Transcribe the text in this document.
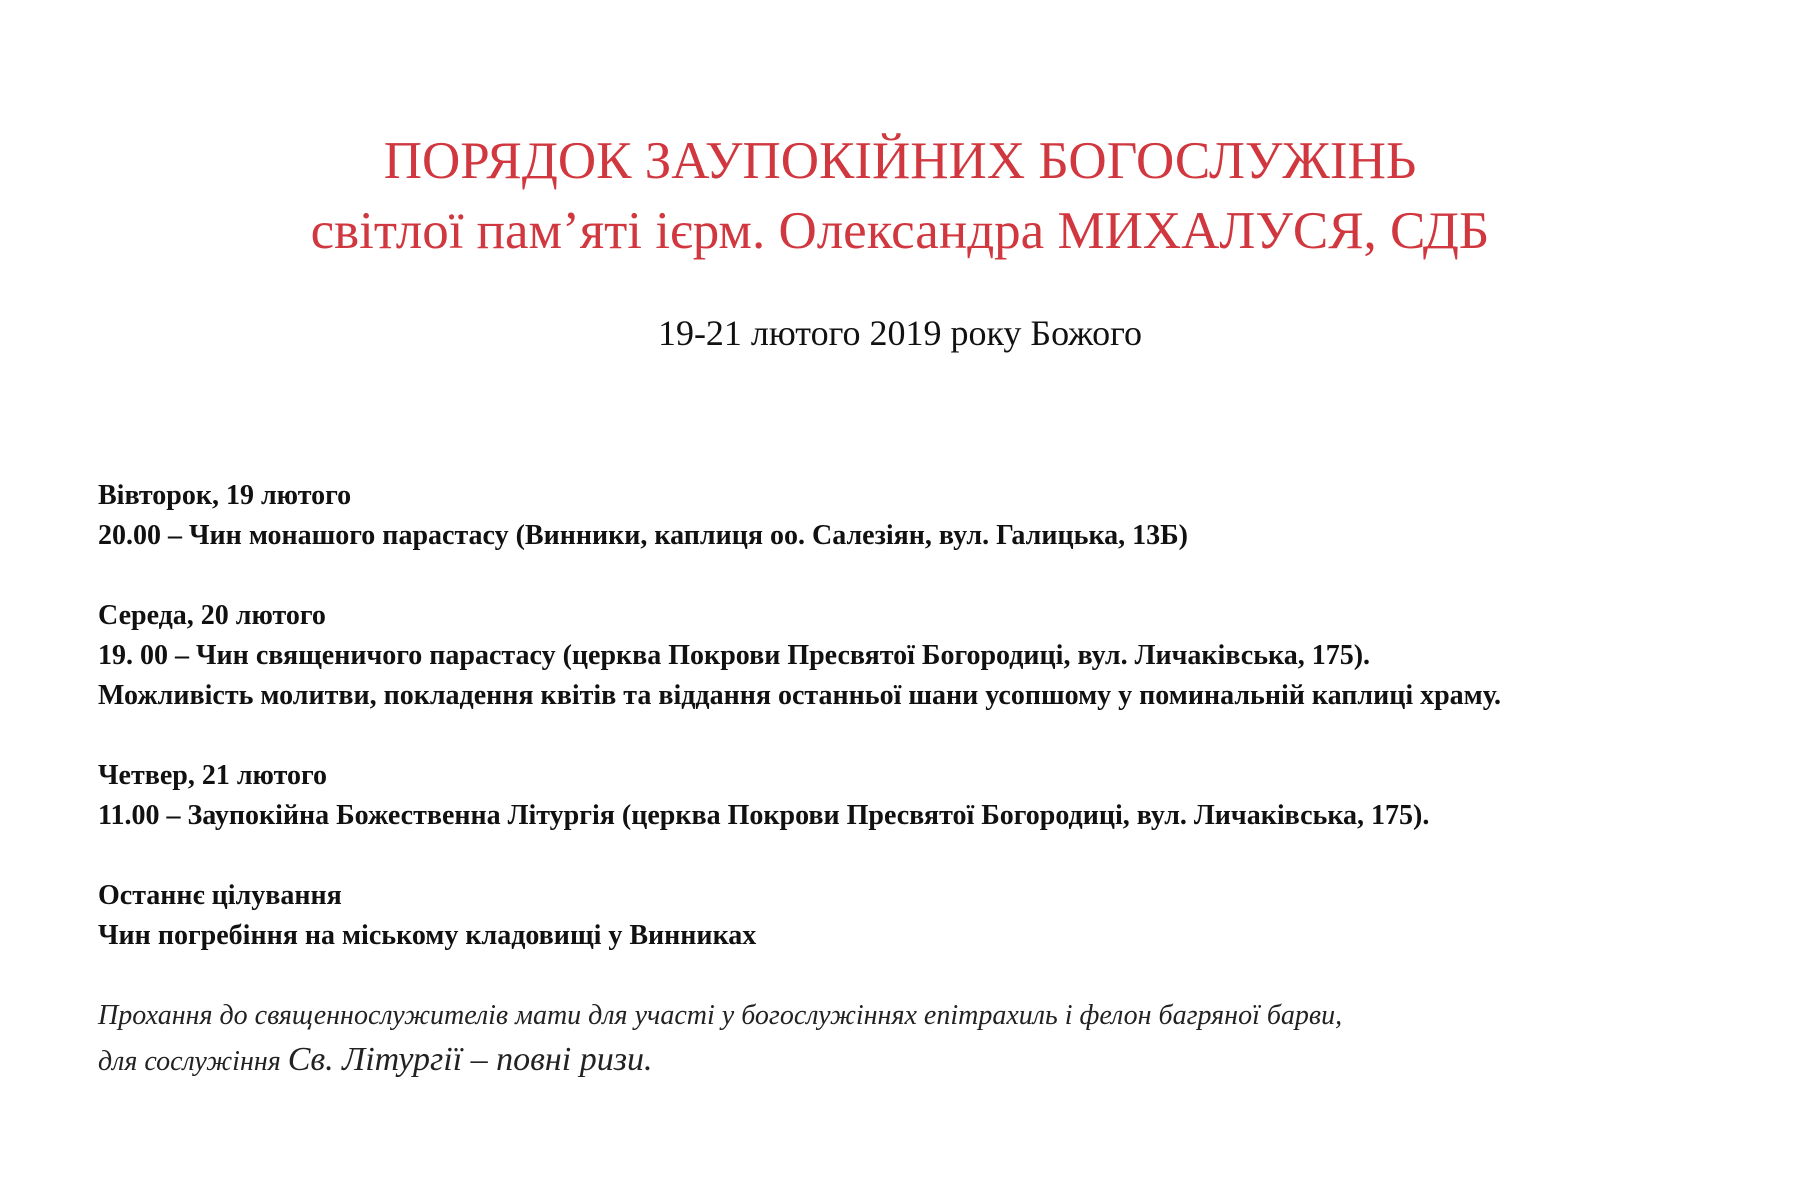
ПОРЯДОК ЗАУПОКІЙНИХ БОГОСЛУЖІНЬ
світлої пам’яті ієрм. Олександра МИХАЛУСЯ, СДБ
19-21 лютого 2019 року Божого
Вівторок, 19 лютого
20.00 – Чин монашого парастасу (Винники, каплиця оо. Салезіян, вул. Галицька, 13Б)
Середа, 20 лютого
19. 00 – Чин священичого парастасу (церква Покрови Пресвятої Богородиці, вул. Личаківська, 175).
Можливість молитви, покладення квітів та віддання останньої шани усопшому у поминальній каплиці храму.
Четвер, 21 лютого
11.00 – Заупокійна Божественна Літургія (церква Покрови Пресвятої Богородиці, вул. Личаківська, 175).
Останнє цілування
Чин погребіння на міському кладовищі у Винниках
Прохання до священнослужителів мати для участі у богослужіннях епітрахиль і фелон багряної барви,
для сослужіння Св. Літургії – повні ризи.
